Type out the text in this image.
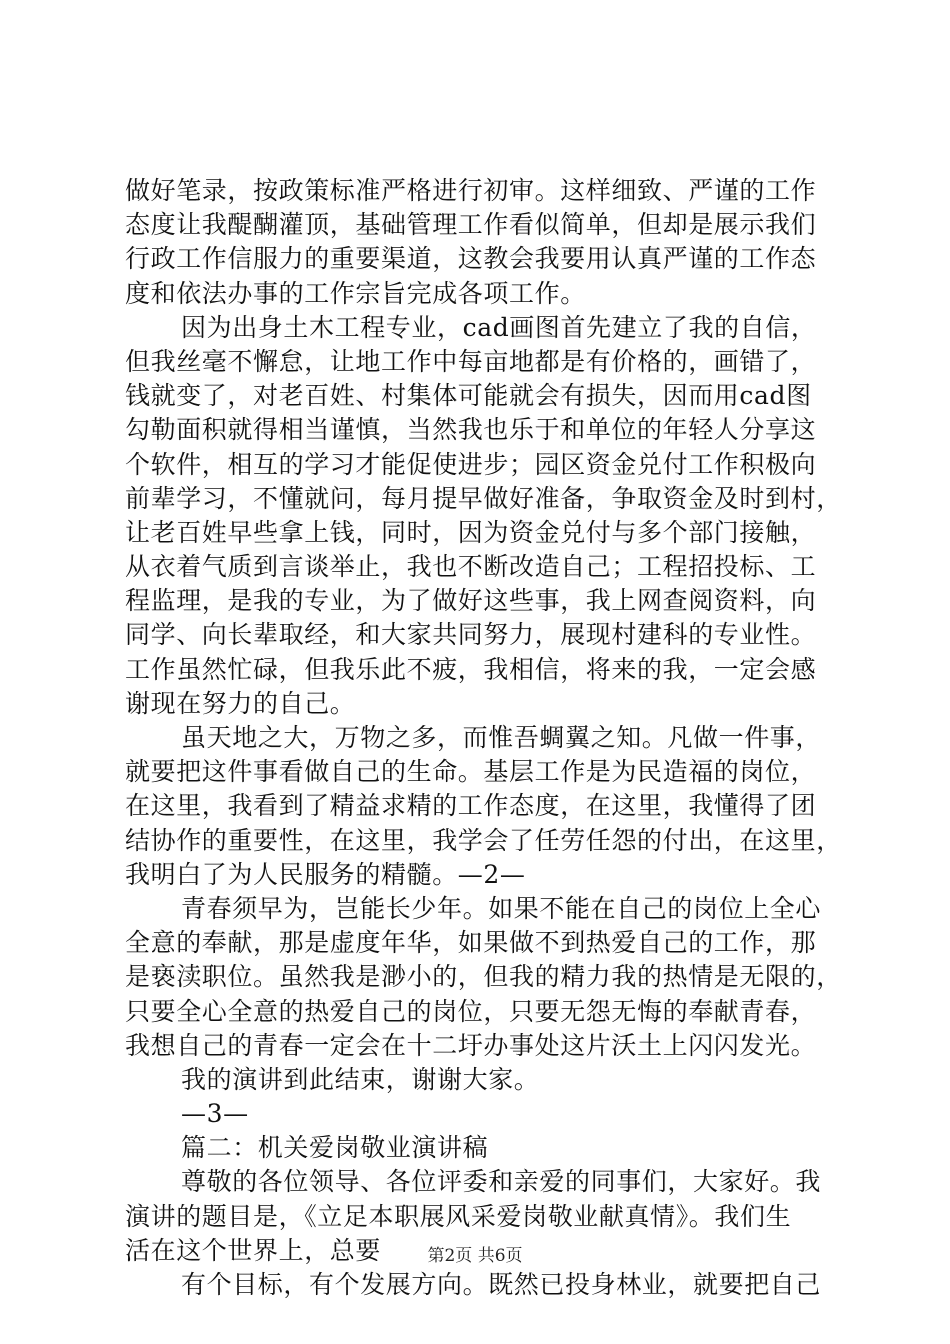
做好笔录，按政策标准严格进行初审。这样细致、严谨的工作
态度让我醍醐灌顶，基础管理工作看似简单，但却是展示我们
行政工作信服力的重要渠道，这教会我要用认真严谨的工作态
度和依法办事的工作宗旨完成各项工作。
因为出身土木工程专业，cad画图首先建立了我的自信，
但我丝毫不懈怠，让地工作中每亩地都是有价格的，画错了，
钱就变了，对老百姓、村集体可能就会有损失，因而用cad图
勾勒面积就得相当谨慎，当然我也乐于和单位的年轻人分享这
个软件，相互的学习才能促使进步；园区资金兑付工作积极向
前辈学习，不懂就问，每月提早做好准备，争取资金及时到村，
让老百姓早些拿上钱，同时，因为资金兑付与多个部门接触，
从衣着气质到言谈举止，我也不断改造自己；工程招投标、工
程监理，是我的专业，为了做好这些事，我上网查阅资料，向
同学、向长辈取经，和大家共同努力，展现村建科的专业性。
工作虽然忙碌，但我乐此不疲，我相信，将来的我，一定会感
谢现在努力的自己。
虽天地之大，万物之多，而惟吾蜩翼之知。凡做一件事，
就要把这件事看做自己的生命。基层工作是为民造福的岗位，
在这里，我看到了精益求精的工作态度，在这里，我懂得了团
结协作的重要性，在这里，我学会了任劳任怨的付出，在这里，
我明白了为人民服务的精髓。—2—
青春须早为，岂能长少年。如果不能在自己的岗位上全心
全意的奉献，那是虚度年华，如果做不到热爱自己的工作，那
是亵渎职位。虽然我是渺小的，但我的精力我的热情是无限的，
只要全心全意的热爱自己的岗位，只要无怨无悔的奉献青春，
我想自己的青春一定会在十二圩办事处这片沃土上闪闪发光。
我的演讲到此结束，谢谢大家。
—3—
篇二：机关爱岗敬业演讲稿
尊敬的各位领导、各位评委和亲爱的同事们，大家好。我
演讲的题目是，《立足本职展风采爱岗敬业献真情》。我们生
活在这个世界上，总要
有个目标，有个发展方向。既然已投身林业，就要把自己
第2页 共6页
